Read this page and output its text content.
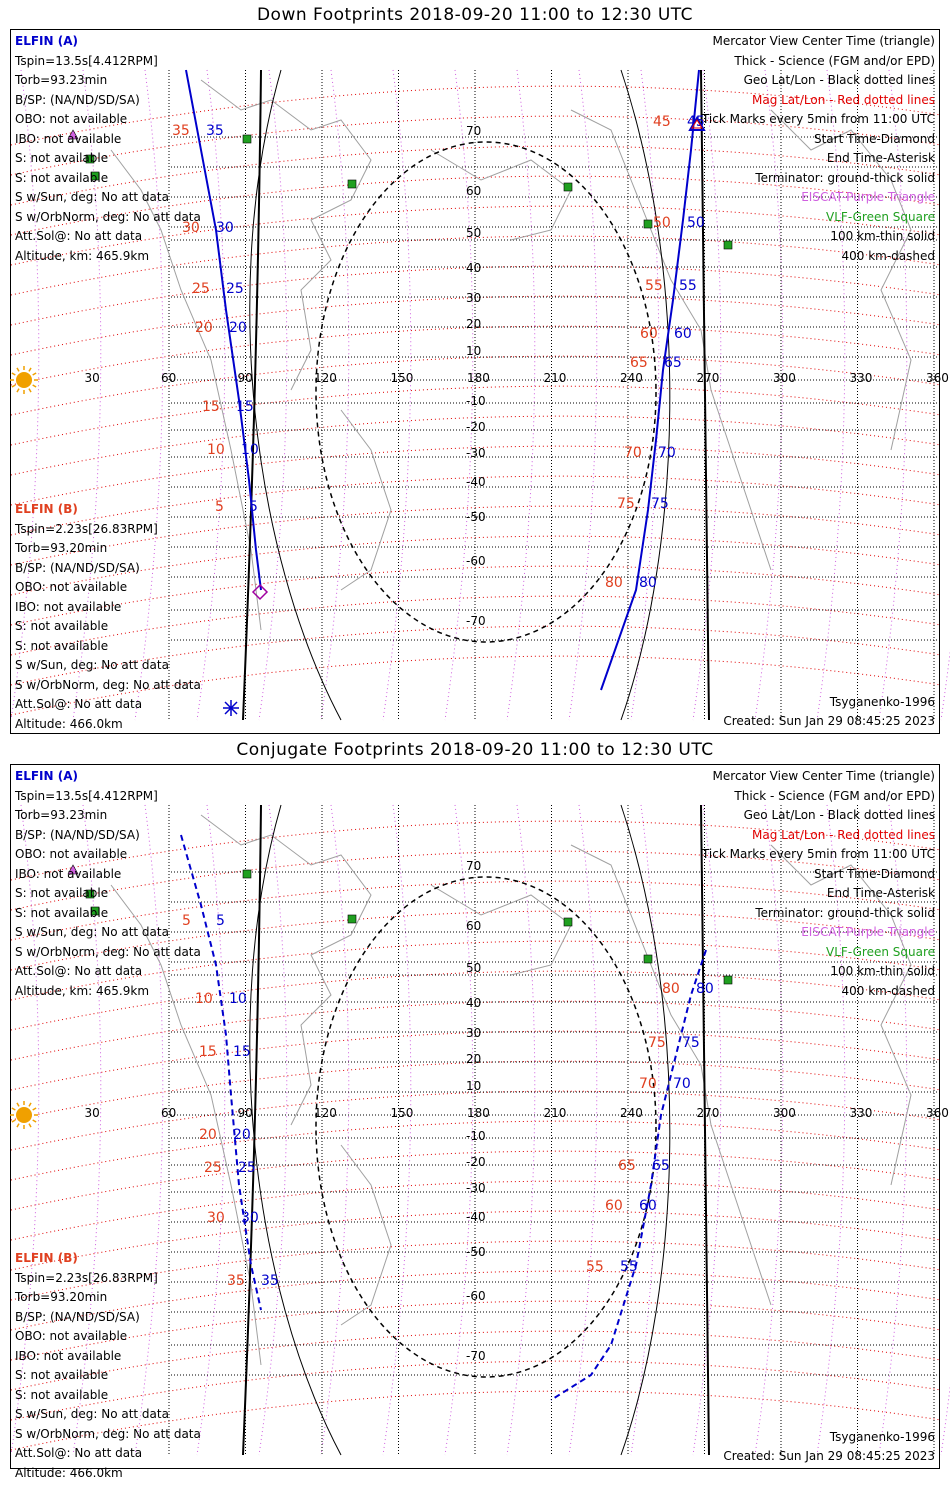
Down Footprints 2018-09-20 11:00 to 12:30 UTC
30	60	90	120	150	180	210	240	270	300	330	360
70
60
50
40
30
20
10
-10
-20
-30
-40
-50
-60
-70
35 35
30 30
25 25
20 20
15 15
10 10
5 5
45 45
50 50
55 55
60 60
65 65
70 70
75 75
80 80
ELFIN (A)
Tspin=13.5s[4.412RPM]
Torb=93.23min
B/SP: (NA/ND/SD/SA)
OBO: not available
IBO: not available
S: not available
S: not available
S w/Sun, deg: No att data
S w/OrbNorm, deg: No att data
Att.Sol@: No att data
Altitude, km: 465.9km
ELFIN (B)
Tspin=2.23s[26.83RPM]
Torb=93.20min
B/SP: (NA/ND/SD/SA)
OBO: not available
IBO: not available
S: not available
S: not available
S w/Sun, deg: No att data
S w/OrbNorm, deg: No att data
Att.Sol@: No att data
Altitude: 466.0km
Mercator View Center Time (triangle)
Thick - Science (FGM and/or EPD)
Geo Lat/Lon - Black dotted lines
Mag Lat/Lon - Red dotted lines
Tick Marks every 5min from 11:00 UTC
Start Time-Diamond
End Time-Asterisk
Terminator: ground-thick solid
EISCAT-Purple Triangle
VLF-Green Square
100 km-thin solid
400 km-dashed
Tsyganenko-1996
Created: Sun Jan 29 08:45:25 2023
Conjugate Footprints 2018-09-20 11:00 to 12:30 UTC
30	60	90	120	150	180	210	240	270	300	330	360
70
60
50
40
30
20
10
-10
-20
-30
-40
-50
-60
-70
5 5
10 10
15 15
20 20
25 25
30 30
35 35
80 80
75 75
70 70
65 65
60 60
55 55
ELFIN (A)
Tspin=13.5s[4.412RPM]
Torb=93.23min
B/SP: (NA/ND/SD/SA)
OBO: not available
IBO: not available
S: not available
S: not available
S w/Sun, deg: No att data
S w/OrbNorm, deg: No att data
Att.Sol@: No att data
Altitude, km: 465.9km
ELFIN (B)
Tspin=2.23s[26.83RPM]
Torb=93.20min
B/SP: (NA/ND/SD/SA)
OBO: not available
IBO: not available
S: not available
S: not available
S w/Sun, deg: No att data
S w/OrbNorm, deg: No att data
Att.Sol@: No att data
Altitude: 466.0km
Mercator View Center Time (triangle)
Thick - Science (FGM and/or EPD)
Geo Lat/Lon - Black dotted lines
Mag Lat/Lon - Red dotted lines
Tick Marks every 5min from 11:00 UTC
Start Time-Diamond
End Time-Asterisk
Terminator: ground-thick solid
EISCAT-Purple Triangle
VLF-Green Square
100 km-thin solid
400 km-dashed
Tsyganenko-1996
Created: Sun Jan 29 08:45:25 2023
